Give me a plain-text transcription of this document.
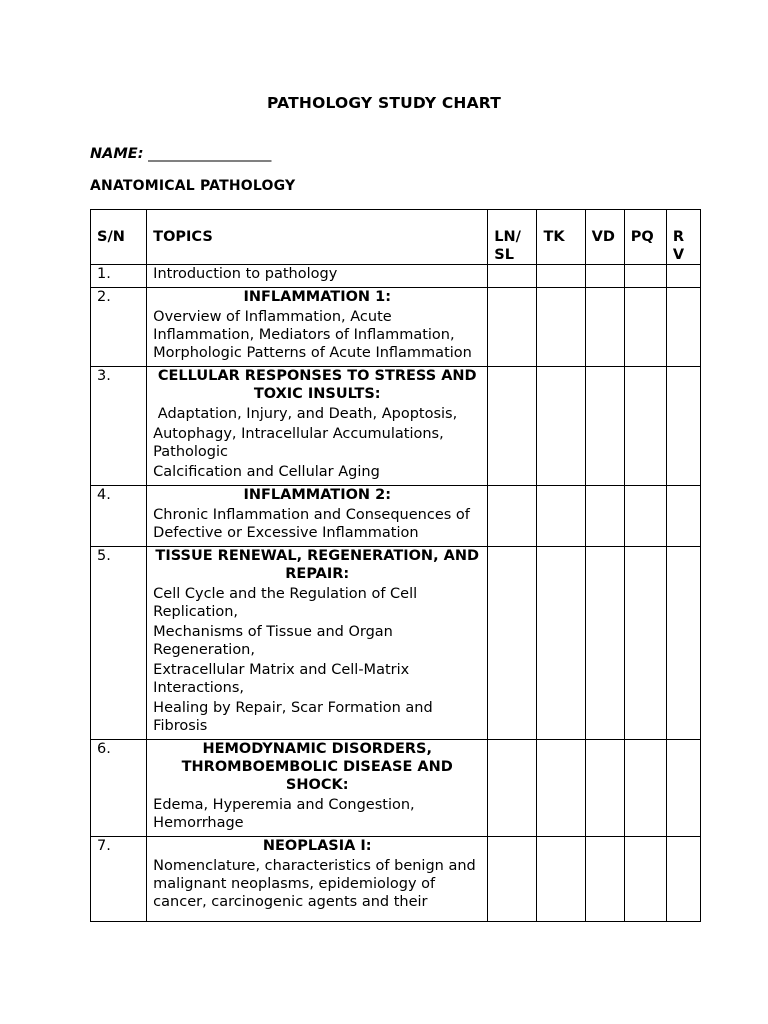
PATHOLOGY STUDY CHART
NAME: _________________
ANATOMICAL PATHOLOGY
S/N	TOPICS	LN/ SL	TK	VD	PQ	R V
1.	Introduction to pathology					

2.	INFLAMMATION 1:
Overview of Inflammation, Acute Inflammation, Mediators of Inflammation, Morphologic Patterns of Acute Inflammation					

3.	CELLULAR RESPONSES TO STRESS AND TOXIC INSULTS:
Adaptation, Injury, and Death, Apoptosis,
Autophagy, Intracellular Accumulations, Pathologic
Calcification and Cellular Aging					

4.	INFLAMMATION 2:
Chronic Inflammation and Consequences of Defective or Excessive Inflammation					

5.	TISSUE RENEWAL, REGENERATION, AND REPAIR:
Cell Cycle and the Regulation of Cell Replication,
Mechanisms of Tissue and Organ Regeneration,
Extracellular Matrix and Cell-Matrix Interactions,
Healing by Repair, Scar Formation and Fibrosis					

6.	HEMODYNAMIC DISORDERS, THROMBOEMBOLIC DISEASE AND SHOCK:
Edema, Hyperemia and Congestion, Hemorrhage					

7.	NEOPLASIA I:
Nomenclature, characteristics of benign and malignant neoplasms, epidemiology of cancer, carcinogenic agents and their					
